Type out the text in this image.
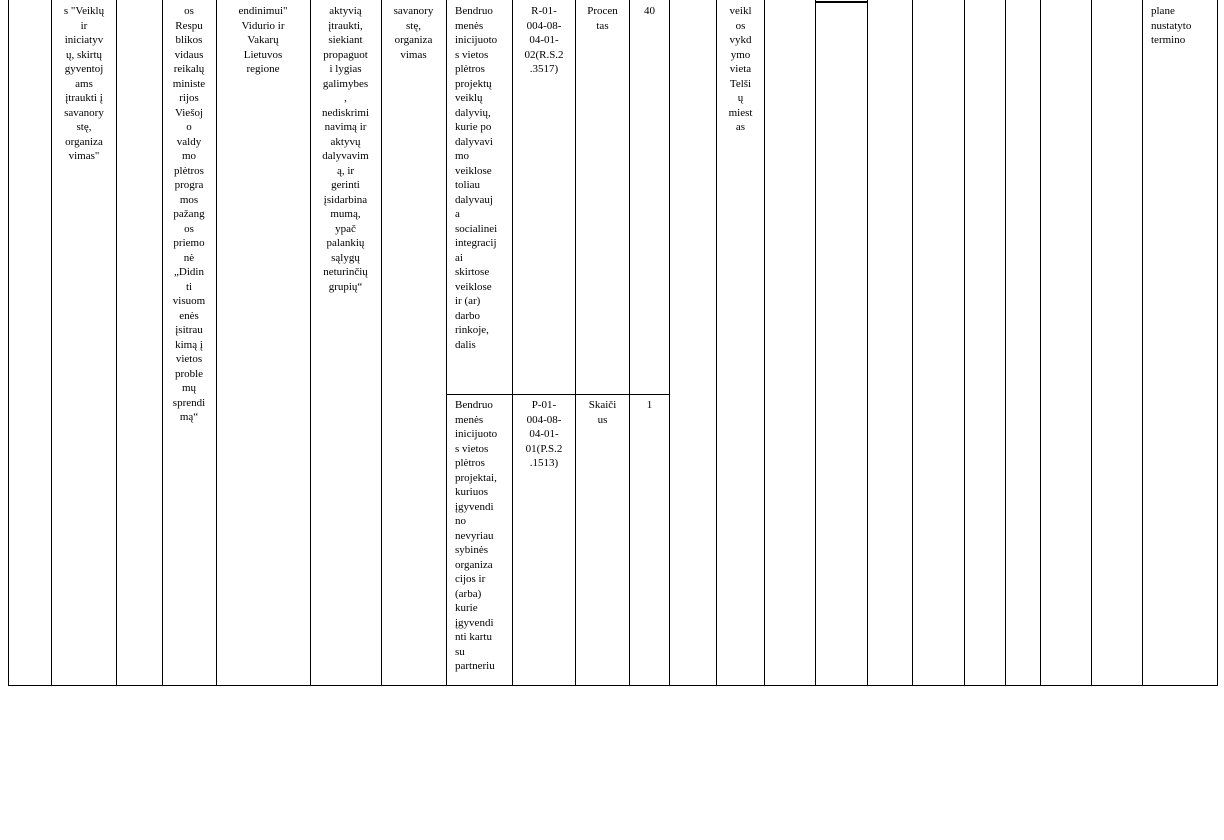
s "Veiklų
ir
iniciatyv
ų, skirtų
gyventoj
ams
įtraukti į
savanory
stę,
organiza
vimas"
os
Respu
blikos
vidaus
reikalų
ministe
rijos
Viešoj
o
valdy
mo
plėtros
progra
mos
pažang
os
priemo
nė
„Didin
ti
visuom
enės
įsitrau
kimą į
vietos
proble
mų
sprendi
mą“
endinimui"
Vidurio ir
Vakarų
Lietuvos
regione
aktyvią
įtraukti,
siekiant
propaguot
i lygias
galimybes
,
nediskrimi
navimą ir
aktyvų
dalyvavim
ą, ir
gerinti
įsidarbina
mumą,
ypač
palankių
sąlygų
neturinčių
grupių“
savanory
stę,
organiza
vimas
Bendruo
menės
inicijuoto
s vietos
plėtros
projektų
veiklų
dalyvių,
kurie po
dalyvavi
mo
veiklose
toliau
dalyvauj
a
socialinei
integracij
ai
skirtose
veiklose
ir (ar)
darbo
rinkoje,
dalis
R-01-
004-08-
04-01-
02(R.S.2
.3517)
Procen
tas
40
Bendruo
menės
inicijuoto
s vietos
plėtros
projektai,
kuriuos
įgyvendi
no
nevyriau
sybinės
organiza
cijos ir
(arba)
kurie
įgyvendi
nti kartu
su
partneriu
P-01-
004-08-
04-01-
01(P.S.2
.1513)
Skaiči
us
1
veikl
os
vykd
ymo
vieta
Telši
ų
miest
as
plane
nustatyto
termino
